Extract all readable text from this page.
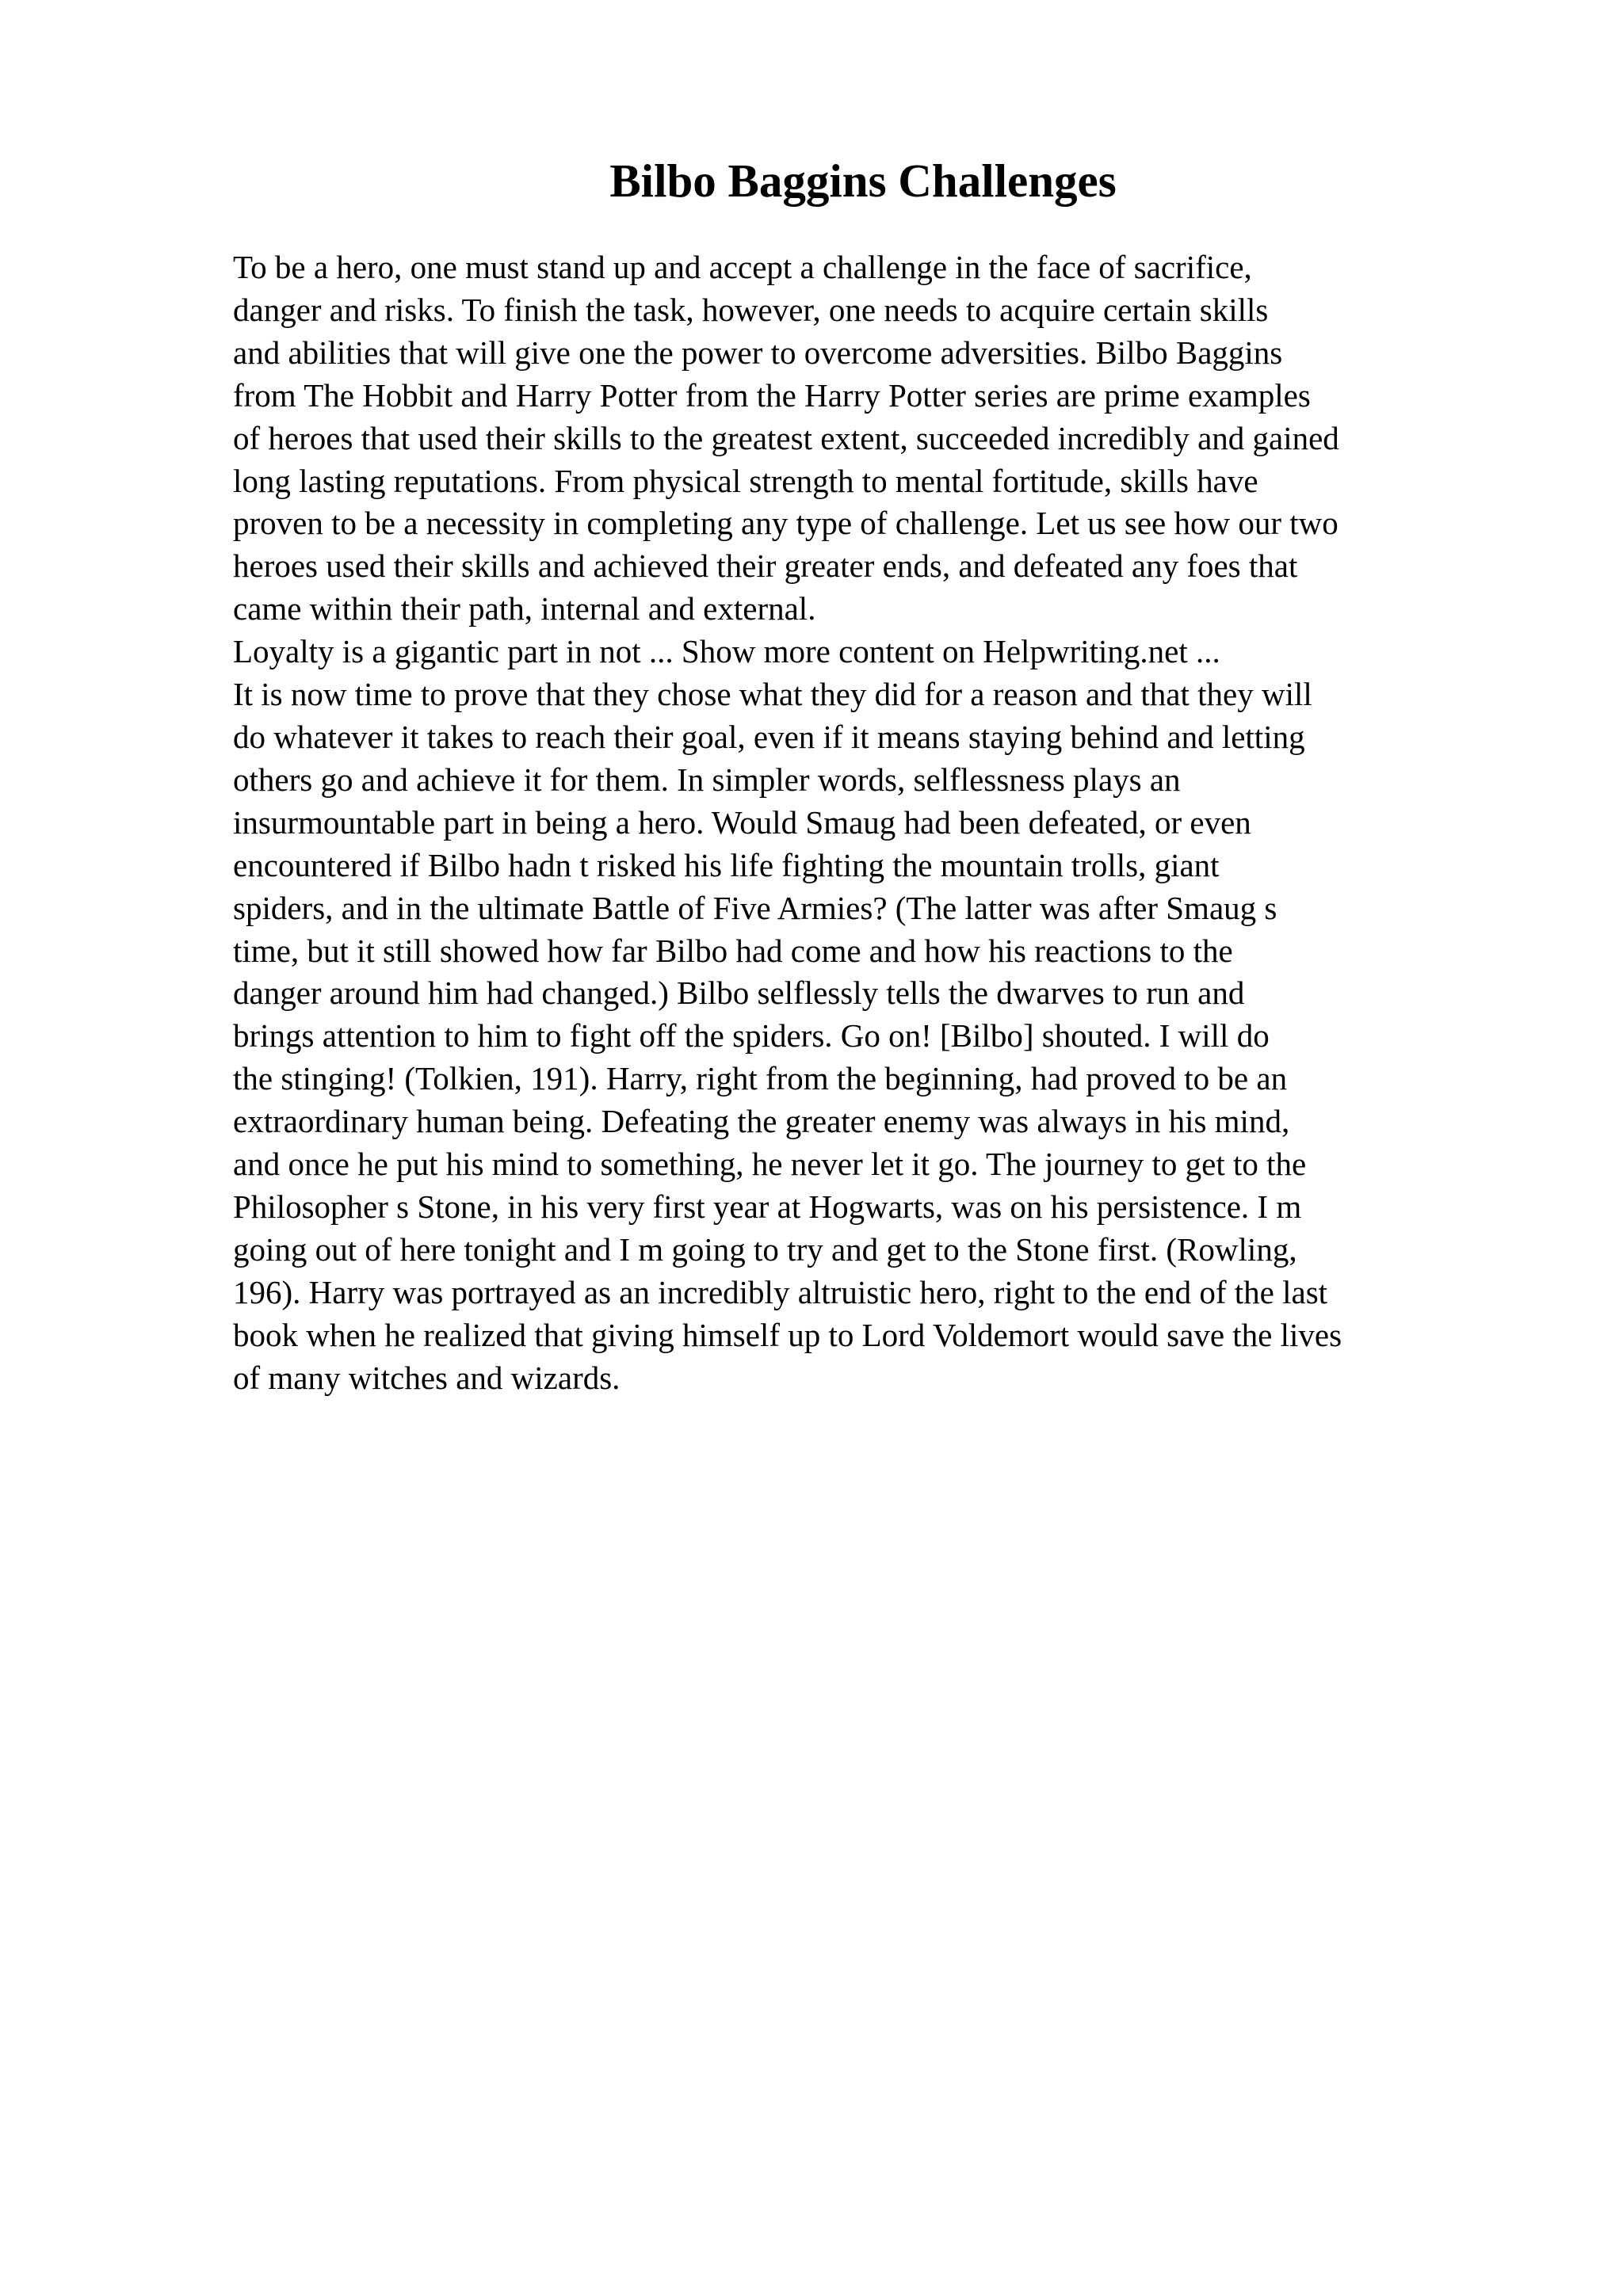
Bilbo Baggins Challenges
To be a hero, one must stand up and accept a challenge in the face of sacrifice,
danger and risks. To finish the task, however, one needs to acquire certain skills
and abilities that will give one the power to overcome adversities. Bilbo Baggins
from The Hobbit and Harry Potter from the Harry Potter series are prime examples
of heroes that used their skills to the greatest extent, succeeded incredibly and gained
long lasting reputations. From physical strength to mental fortitude, skills have
proven to be a necessity in completing any type of challenge. Let us see how our two
heroes used their skills and achieved their greater ends, and defeated any foes that
came within their path, internal and external.
Loyalty is a gigantic part in not ... Show more content on Helpwriting.net ...
It is now time to prove that they chose what they did for a reason and that they will
do whatever it takes to reach their goal, even if it means staying behind and letting
others go and achieve it for them. In simpler words, selflessness plays an
insurmountable part in being a hero. Would Smaug had been defeated, or even
encountered if Bilbo hadn t risked his life fighting the mountain trolls, giant
spiders, and in the ultimate Battle of Five Armies? (The latter was after Smaug s
time, but it still showed how far Bilbo had come and how his reactions to the
danger around him had changed.) Bilbo selflessly tells the dwarves to run and
brings attention to him to fight off the spiders. Go on! [Bilbo] shouted. I will do
the stinging! (Tolkien, 191). Harry, right from the beginning, had proved to be an
extraordinary human being. Defeating the greater enemy was always in his mind,
and once he put his mind to something, he never let it go. The journey to get to the
Philosopher s Stone, in his very first year at Hogwarts, was on his persistence. I m
going out of here tonight and I m going to try and get to the Stone first. (Rowling,
196). Harry was portrayed as an incredibly altruistic hero, right to the end of the last
book when he realized that giving himself up to Lord Voldemort would save the lives
of many witches and wizards.
